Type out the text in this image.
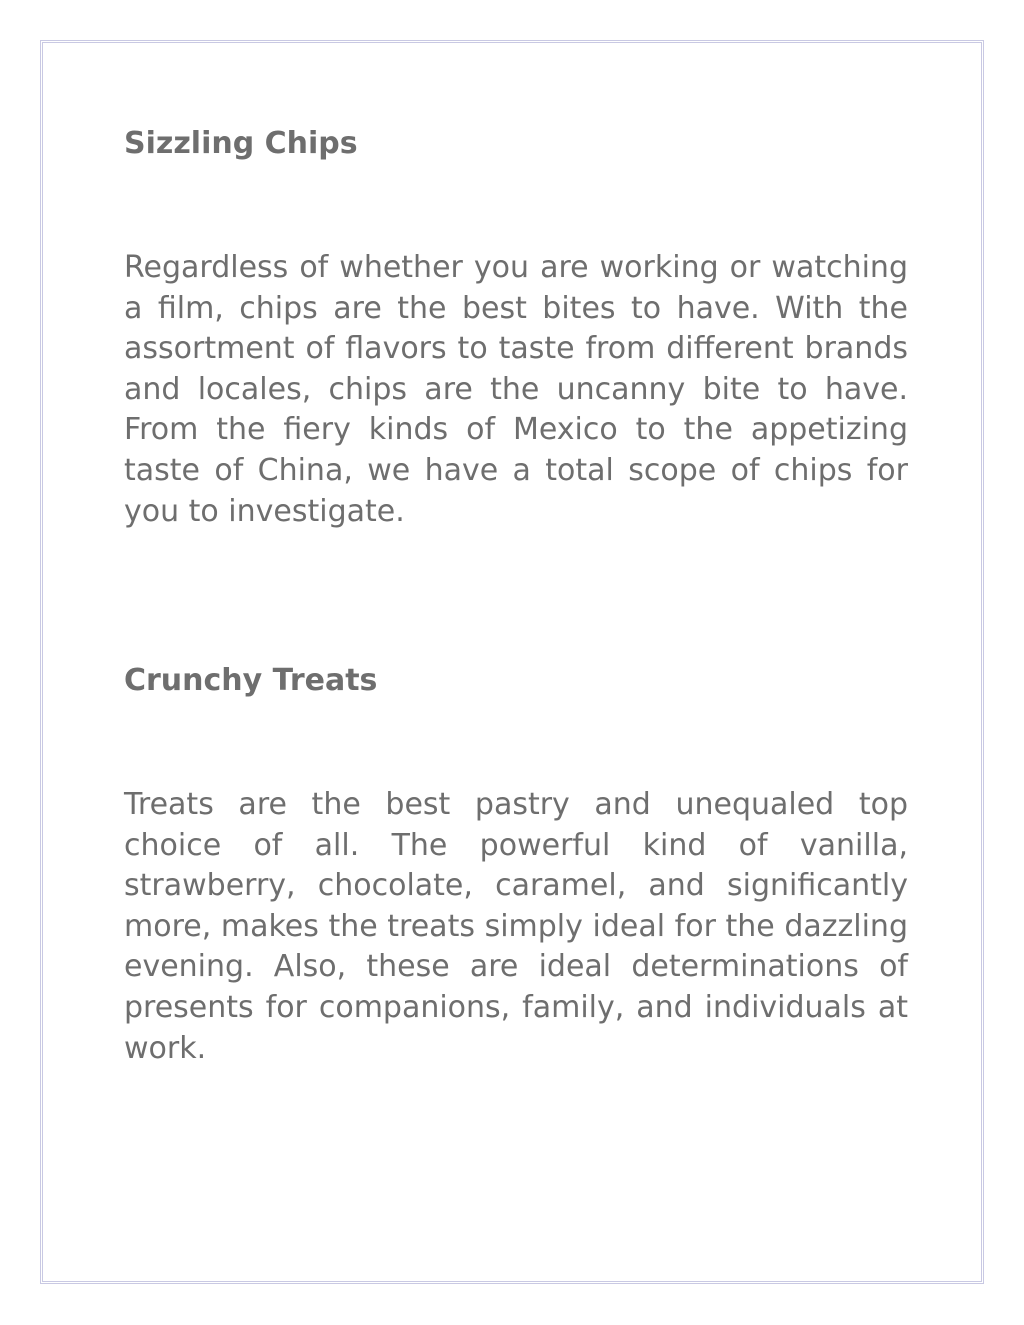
Sizzling Chips

Regardless of whether you are working or watching a film, chips are the best bites to have. With the assortment of flavors to taste from different brands and locales, chips are the uncanny bite to have. From the fiery kinds of Mexico to the appetizing taste of China, we have a total scope of chips for you to investigate.

Crunchy Treats

Treats are the best pastry and unequaled top choice of all. The powerful kind of vanilla, strawberry, chocolate, caramel, and significantly more, makes the treats simply ideal for the dazzling evening. Also, these are ideal determinations of presents for companions, family, and individuals at work.
